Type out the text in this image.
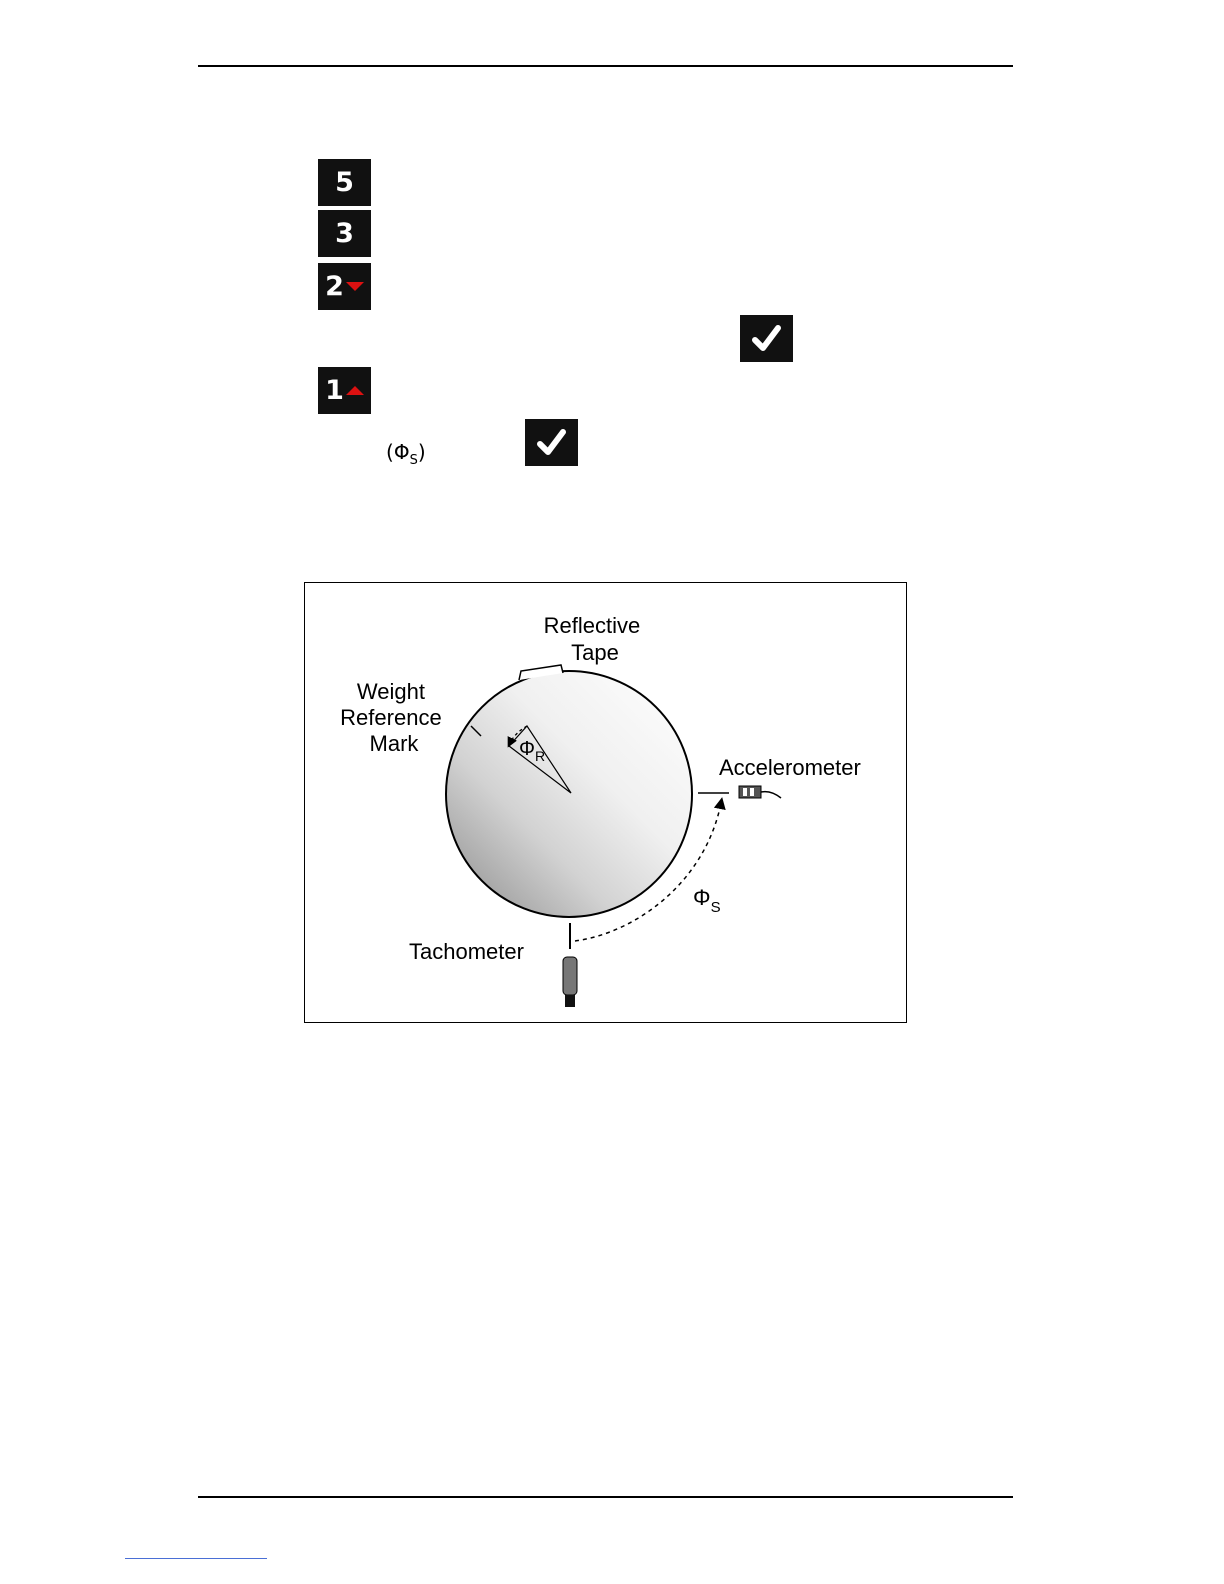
5
3
2
1
$(\Phi_S)$
$\Phi_R$
Reflective Tape
Weight Reference Mark
Accelerometer
$\Phi_S$
Tachometer
